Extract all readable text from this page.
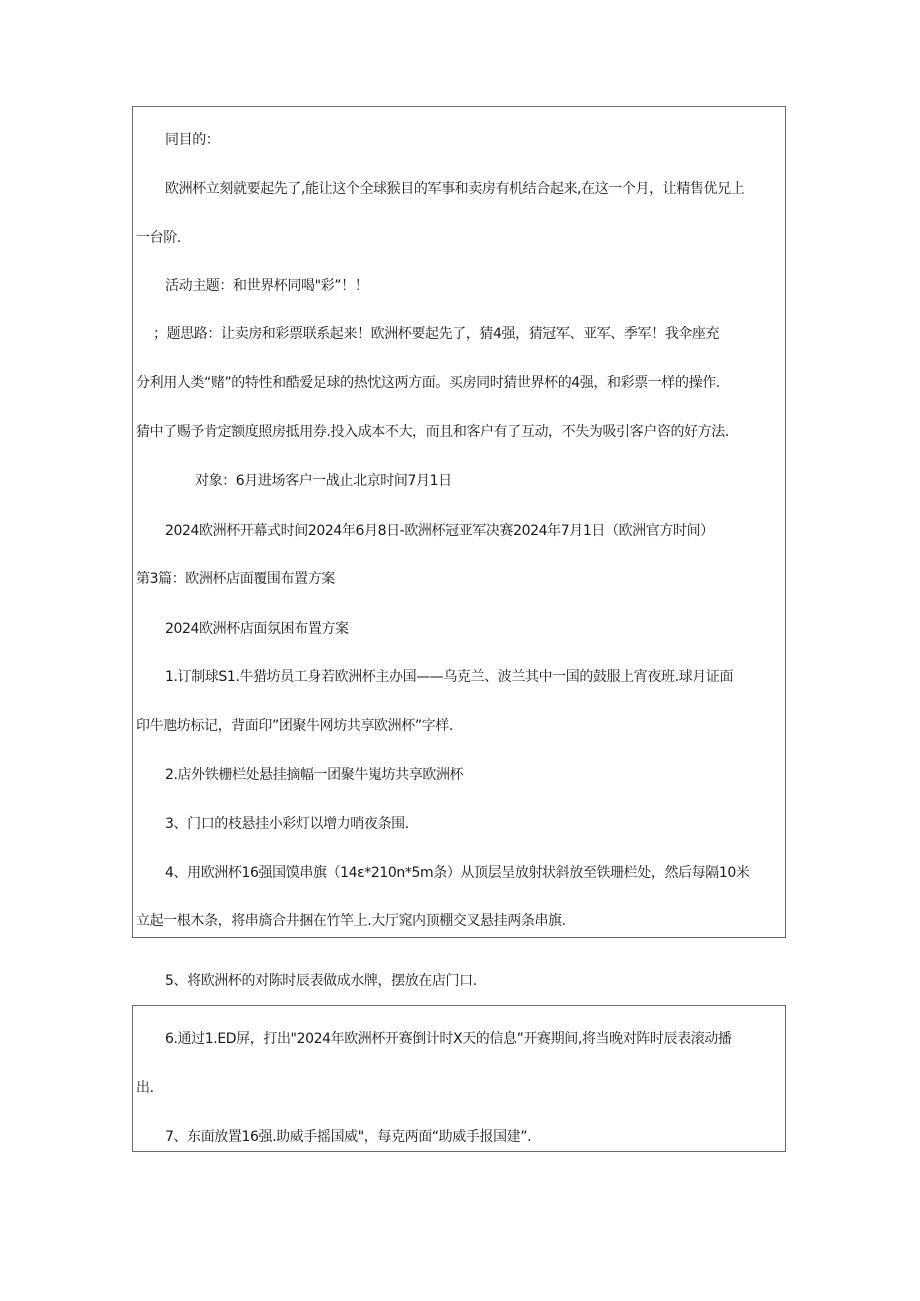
同目的：
欧洲杯立刻就要起先了,能让这个全球猴目的军事和卖房有机结合起来,在这一个月，让精售优兄上
一台阶.
活动主题：和世界杯同喝"彩”！！
；题思路：让卖房和彩票联系起来！欧洲杯要起先了，猜4强，猜冠军、亚军、季军！我伞座充
分利用人类“赌”的特性和酷爱足球的热忱这两方面。买房同时猜世界杯的4强，和彩票一样的操作.
猜中了赐予肯定额度照房抵用券.投入成本不大，而且和客户有了互动，不失为吸引客户咨的好方法.
对象：6月进场客户一战止北京时间7月1日
2024欧洲杯开幕式时间2024年6月8日-欧洲杯冠亚军决赛2024年7月1日（欧洲官方时间）
第3篇：欧洲杯店面覆围布置方案
2024欧洲杯店面氛困布置方案
1.订制球S1.牛猎坊员工身若欧洲杯主办国——乌克兰、波兰其中一国的鼓服上宵夜班.球月证面
印牛虺坊标记，背面印”团聚牛网坊共享欧洲杯”字样.
2.店外铁栅栏处悬挂摘幅一团聚牛嵬坊共享欧洲杯
3、门口的枝悬挂小彩灯以增力哨夜条围.
4、用欧洲杯16强国馍串旗（14ε*210n*5m条）从顶层呈放射状斜放至铁珊栏处，然后每隔10米
立起一根木条，将串旖合井捆在竹竿上.大厅窕内顶棚交叉悬挂两条串旗.
5、将欧洲杯的对陈时辰表做成水牌，摆放在店门口.
6.通过1.ED屏，打出"2024年欧洲杯开赛倒计时X天的信息”开赛期间,将当晚对阵时辰表滚动播
出.
7、东面放置16强.助威手摇国威"，每克两面“助威手报国建”.
